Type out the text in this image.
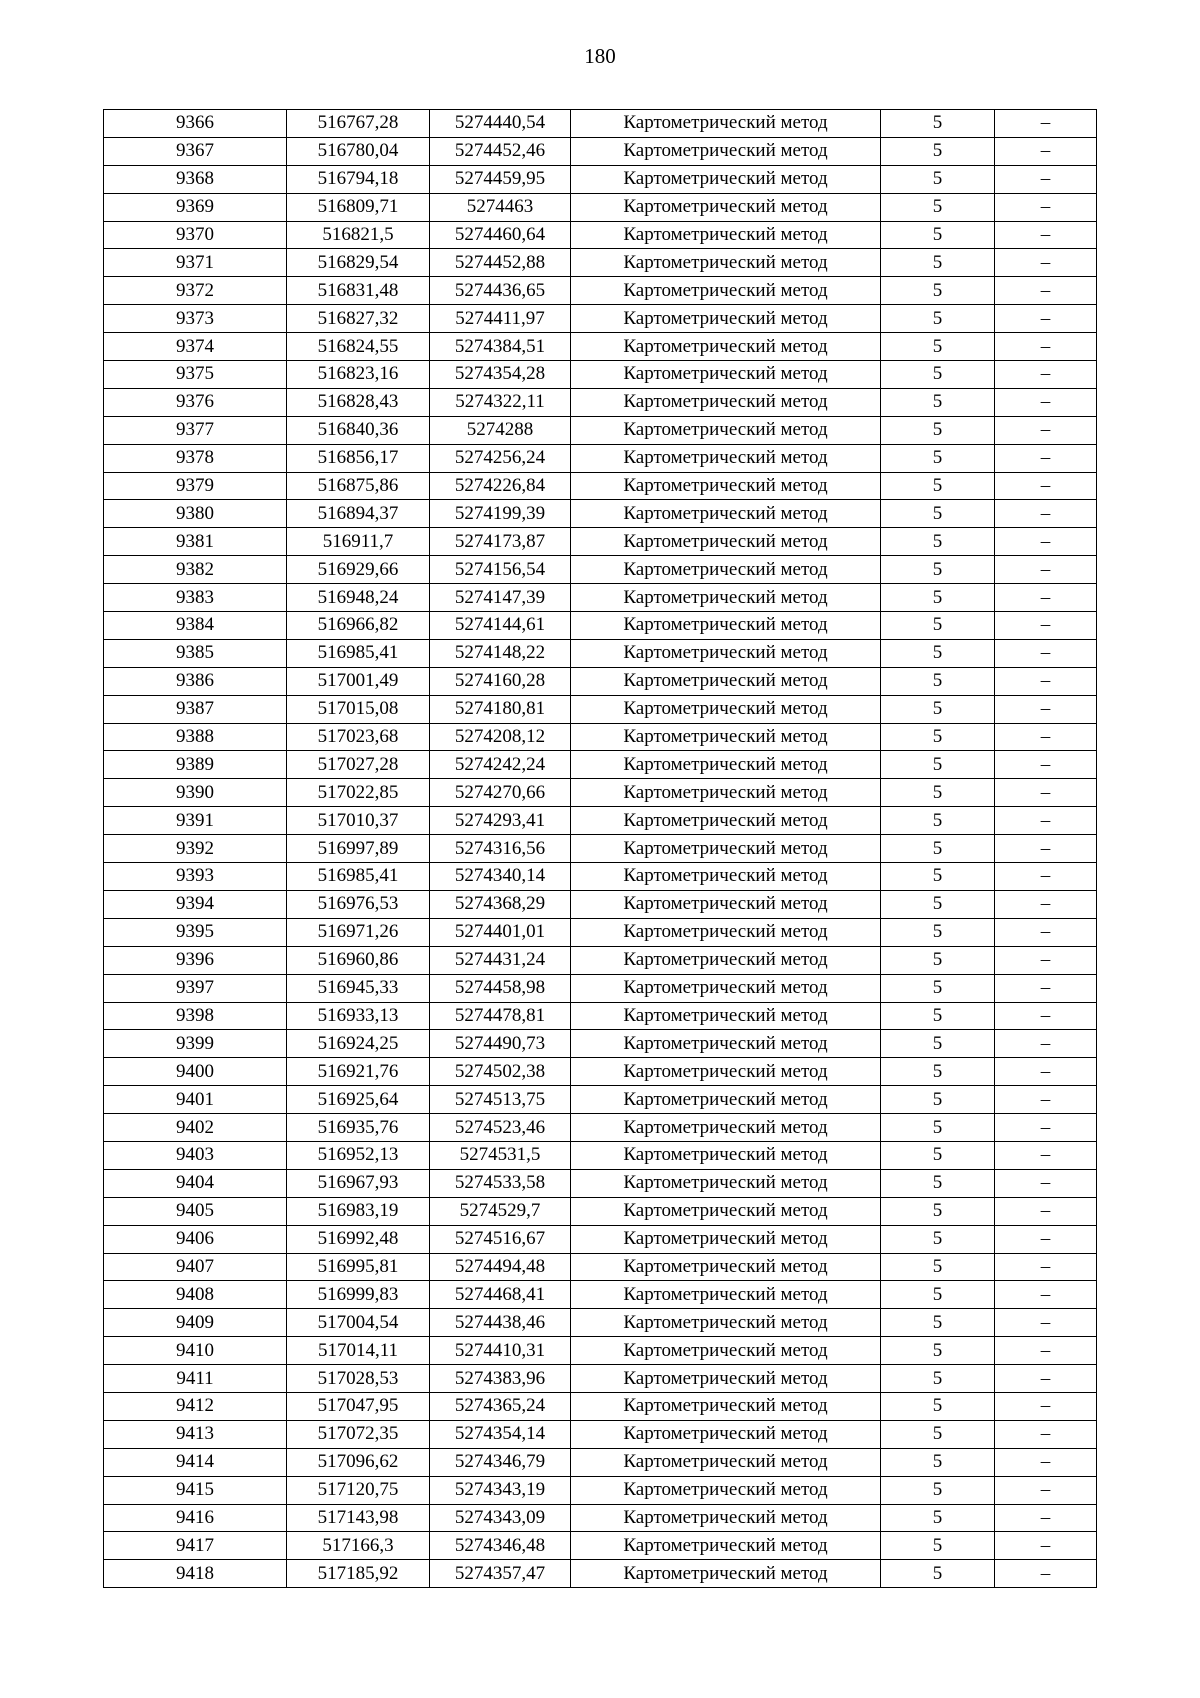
180
9366	516767,28	5274440,54	Картометрический метод	5	–
9367	516780,04	5274452,46	Картометрический метод	5	–
9368	516794,18	5274459,95	Картометрический метод	5	–
9369	516809,71	5274463	Картометрический метод	5	–
9370	516821,5	5274460,64	Картометрический метод	5	–
9371	516829,54	5274452,88	Картометрический метод	5	–
9372	516831,48	5274436,65	Картометрический метод	5	–
9373	516827,32	5274411,97	Картометрический метод	5	–
9374	516824,55	5274384,51	Картометрический метод	5	–
9375	516823,16	5274354,28	Картометрический метод	5	–
9376	516828,43	5274322,11	Картометрический метод	5	–
9377	516840,36	5274288	Картометрический метод	5	–
9378	516856,17	5274256,24	Картометрический метод	5	–
9379	516875,86	5274226,84	Картометрический метод	5	–
9380	516894,37	5274199,39	Картометрический метод	5	–
9381	516911,7	5274173,87	Картометрический метод	5	–
9382	516929,66	5274156,54	Картометрический метод	5	–
9383	516948,24	5274147,39	Картометрический метод	5	–
9384	516966,82	5274144,61	Картометрический метод	5	–
9385	516985,41	5274148,22	Картометрический метод	5	–
9386	517001,49	5274160,28	Картометрический метод	5	–
9387	517015,08	5274180,81	Картометрический метод	5	–
9388	517023,68	5274208,12	Картометрический метод	5	–
9389	517027,28	5274242,24	Картометрический метод	5	–
9390	517022,85	5274270,66	Картометрический метод	5	–
9391	517010,37	5274293,41	Картометрический метод	5	–
9392	516997,89	5274316,56	Картометрический метод	5	–
9393	516985,41	5274340,14	Картометрический метод	5	–
9394	516976,53	5274368,29	Картометрический метод	5	–
9395	516971,26	5274401,01	Картометрический метод	5	–
9396	516960,86	5274431,24	Картометрический метод	5	–
9397	516945,33	5274458,98	Картометрический метод	5	–
9398	516933,13	5274478,81	Картометрический метод	5	–
9399	516924,25	5274490,73	Картометрический метод	5	–
9400	516921,76	5274502,38	Картометрический метод	5	–
9401	516925,64	5274513,75	Картометрический метод	5	–
9402	516935,76	5274523,46	Картометрический метод	5	–
9403	516952,13	5274531,5	Картометрический метод	5	–
9404	516967,93	5274533,58	Картометрический метод	5	–
9405	516983,19	5274529,7	Картометрический метод	5	–
9406	516992,48	5274516,67	Картометрический метод	5	–
9407	516995,81	5274494,48	Картометрический метод	5	–
9408	516999,83	5274468,41	Картометрический метод	5	–
9409	517004,54	5274438,46	Картометрический метод	5	–
9410	517014,11	5274410,31	Картометрический метод	5	–
9411	517028,53	5274383,96	Картометрический метод	5	–
9412	517047,95	5274365,24	Картометрический метод	5	–
9413	517072,35	5274354,14	Картометрический метод	5	–
9414	517096,62	5274346,79	Картометрический метод	5	–
9415	517120,75	5274343,19	Картометрический метод	5	–
9416	517143,98	5274343,09	Картометрический метод	5	–
9417	517166,3	5274346,48	Картометрический метод	5	–
9418	517185,92	5274357,47	Картометрический метод	5	–
